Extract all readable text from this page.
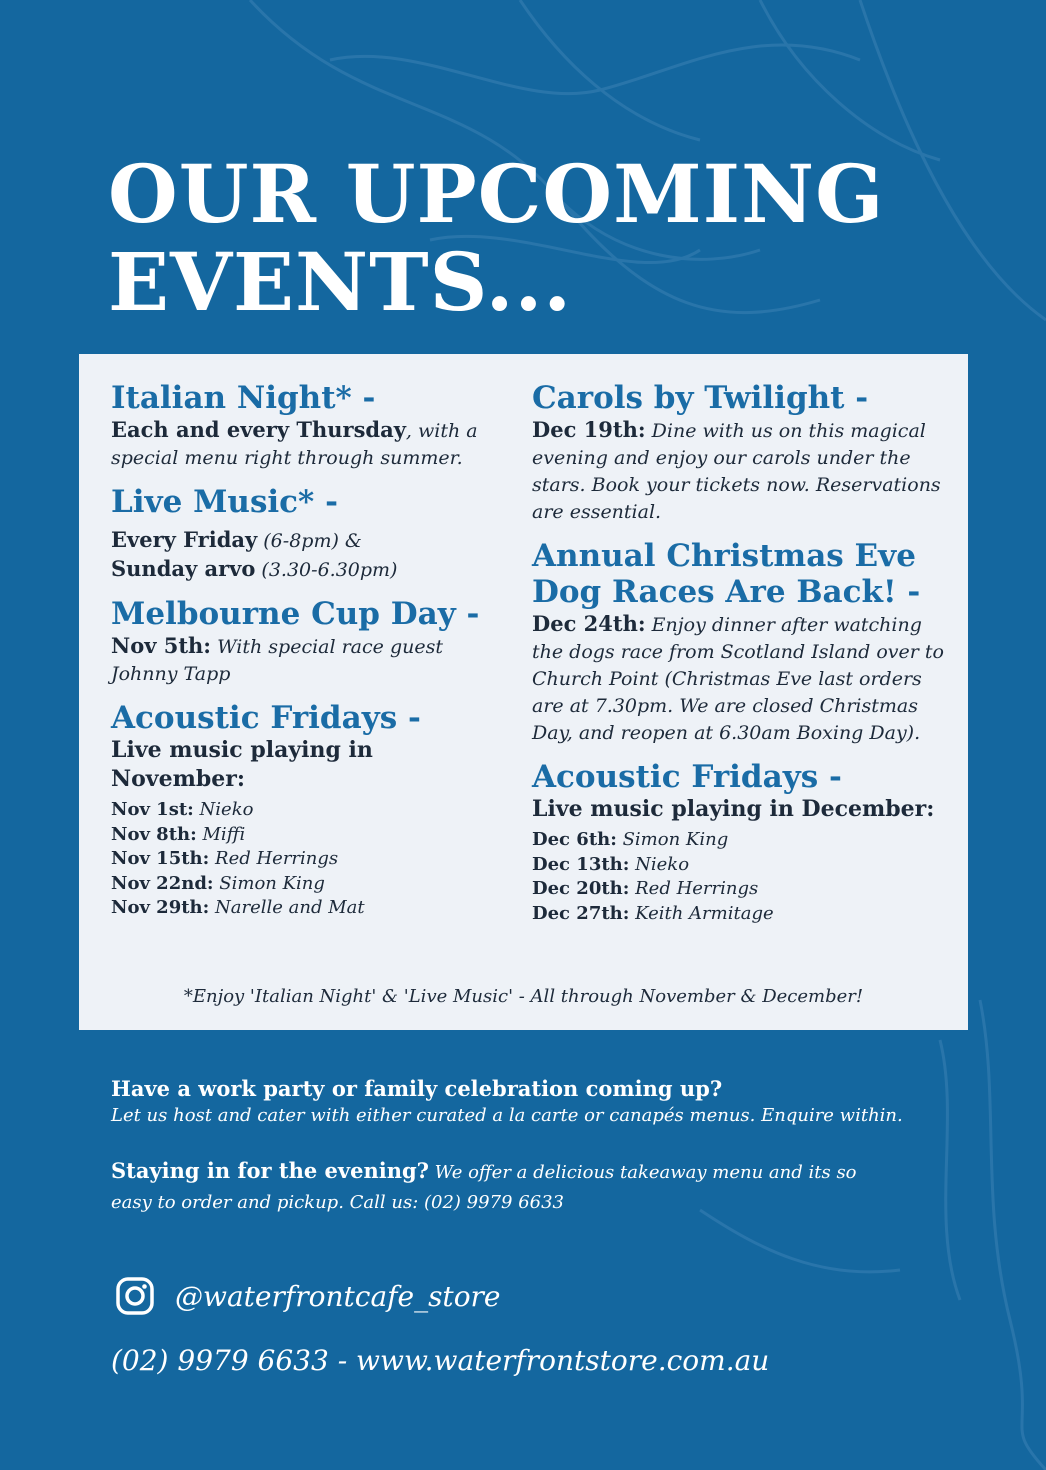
OUR UPCOMING
EVENTS...

Italian Night* -

Each and every Thursday, with a special menu right through summer.

Live Music* -

Every Friday (6-8pm) &
Sunday arvo (3.30-6.30pm)

Melbourne Cup Day -

Nov 5th: With special race guest Johnny Tapp

Acoustic Fridays -

Live music playing in November:

Nov 1st: Nieko
Nov 8th: Miffi
Nov 15th: Red Herrings
Nov 22nd: Simon King
Nov 29th: Narelle and Mat

Carols by Twilight -

Dec 19th: Dine with us on this magical evening and enjoy our carols under the stars. Book your tickets now. Reservations are essential.

Annual Christmas Eve Dog Races Are Back! -

Dec 24th: Enjoy dinner after watching the dogs race from Scotland Island over to Church Point (Christmas Eve last orders are at 7.30pm. We are closed Christmas Day, and reopen at 6.30am Boxing Day).

Acoustic Fridays -

Live music playing in December:

Dec 6th: Simon King
Dec 13th: Nieko
Dec 20th: Red Herrings
Dec 27th: Keith Armitage
*Enjoy 'Italian Night' & 'Live Music' - All through November & December!
Have a work party or family celebration coming up?
Let us host and cater with either curated a la carte or canapés menus. Enquire within.
Staying in for the evening? We offer a delicious takeaway menu and its so easy to order and pickup. Call us: (02) 9979 6633
@waterfrontcafe_store
(02) 9979 6633 - www.waterfrontstore.com.au
